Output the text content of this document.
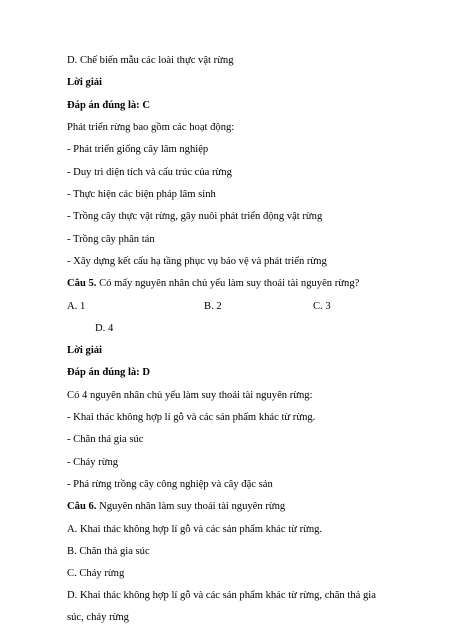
D. Chế biến mẫu các loài thực vật rừng
Lời giải
Đáp án đúng là: C
Phát triển rừng bao gồm các hoạt động:
- Phát triển giống cây lâm nghiệp
- Duy trì diện tích và cấu trúc của rừng
- Thực hiện các biện pháp lâm sinh
- Trồng cây thực vật rừng, gây nuôi phát triển động vật rừng
- Trồng cây phân tán
- Xây dựng kết cấu hạ tầng phục vụ bảo vệ và phát triển rừng
Câu 5. Có mấy nguyên nhân chủ yếu làm suy thoái tài nguyên rừng?
A. 1	B. 2	C. 3
D. 4
Lời giải
Đáp án đúng là: D
Có 4 nguyên nhân chủ yếu làm suy thoái tài nguyên rừng:
- Khai thác không hợp lí gỗ và các sản phẩm khác từ rừng.
- Chăn thả gia súc
- Cháy rừng
- Phá rừng trồng cây công nghiệp và cây đặc sản
Câu 6. Nguyên nhân làm suy thoái tài nguyên rừng
A. Khai thác không hợp lí gỗ và các sản phẩm khác từ rừng.
B. Chăn thả gia súc
C. Cháy rừng
D. Khai thác không hợp lí gỗ và các sản phẩm khác từ rừng, chăn thả gia
súc, cháy rừng
